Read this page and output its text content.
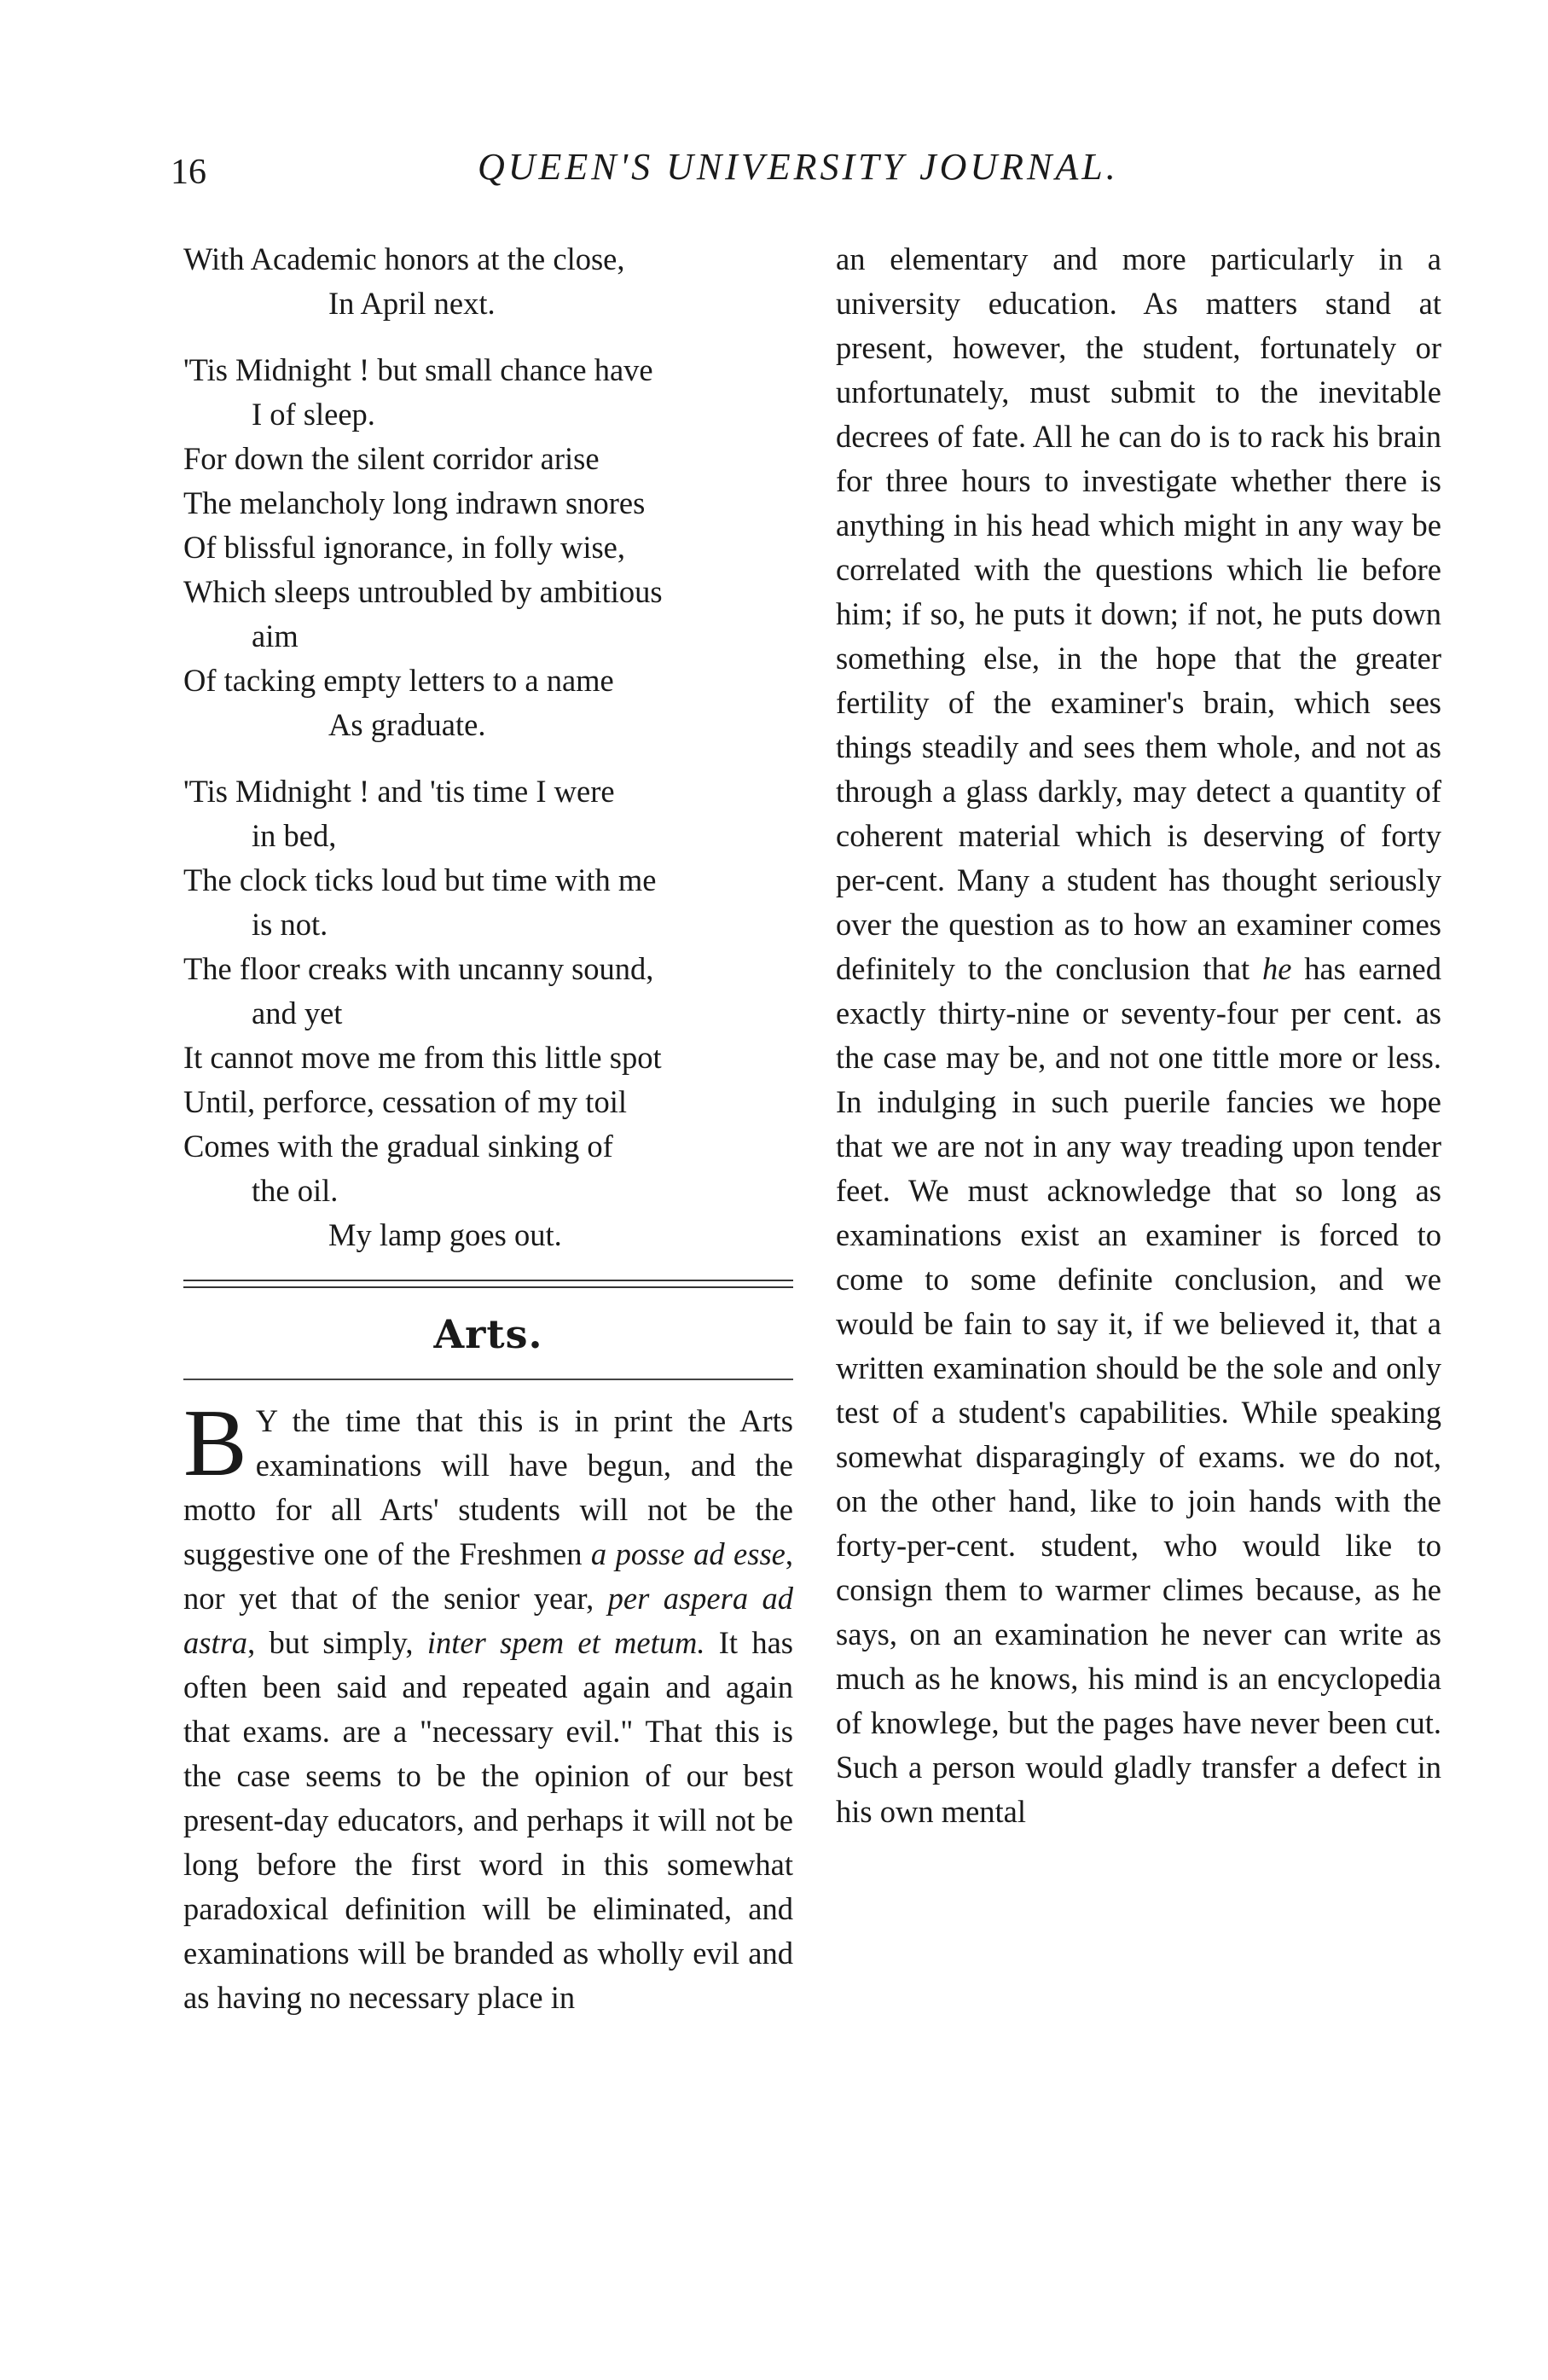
16	QUEEN'S UNIVERSITY JOURNAL.
With Academic honors at the close,
In April next.
'Tis Midnight ! but small chance have
I of sleep.
For down the silent corridor arise
The melancholy long indrawn snores
Of blissful ignorance, in folly wise,
Which sleeps untroubled by ambitious
aim
Of tacking empty letters to a name
As graduate.
'Tis Midnight ! and 'tis time I were
in bed,
The clock ticks loud but time with me
is not.
The floor creaks with uncanny sound,
and yet
It cannot move me from this little spot
Until, perforce, cessation of my toil
Comes with the gradual sinking of
the oil.
My lamp goes out.
Arts.

B Y the time that this is in print the Arts examinations will have begun, and the motto for all Arts' students will not be the suggestive one of the Freshmen a posse ad esse, nor yet that of the senior year, per aspera ad astra, but simply, inter spem et metum. It has often been said and repeated again and again that exams. are a "necessary evil." That this is the case seems to be the opinion of our best present-day educators, and perhaps it will not be long before the first word in this somewhat paradoxical definition will be eliminated, and examinations will be branded as wholly evil and as having no necessary place in

an elementary and more particularly in a university education. As matters stand at present, however, the student, fortunately or unfortunately, must submit to the inevitable decrees of fate. All he can do is to rack his brain for three hours to investigate whether there is anything in his head which might in any way be correlated with the questions which lie before him; if so, he puts it down; if not, he puts down something else, in the hope that the greater fertility of the examiner's brain, which sees things steadily and sees them whole, and not as through a glass darkly, may detect a quantity of coherent material which is deserving of forty per-cent. Many a student has thought seriously over the question as to how an examiner comes definitely to the conclusion that he has earned exactly thirty-nine or seventy-four per cent. as the case may be, and not one tittle more or less. In indulging in such puerile fancies we hope that we are not in any way treading upon tender feet. We must acknowledge that so long as examinations exist an examiner is forced to come to some definite conclusion, and we would be fain to say it, if we believed it, that a written examination should be the sole and only test of a student's capabilities. While speaking somewhat disparagingly of exams. we do not, on the other hand, like to join hands with the forty-per-cent. student, who would like to consign them to warmer climes because, as he says, on an examination he never can write as much as he knows, his mind is an encyclopedia of knowlege, but the pages have never been cut. Such a person would gladly transfer a defect in his own mental
